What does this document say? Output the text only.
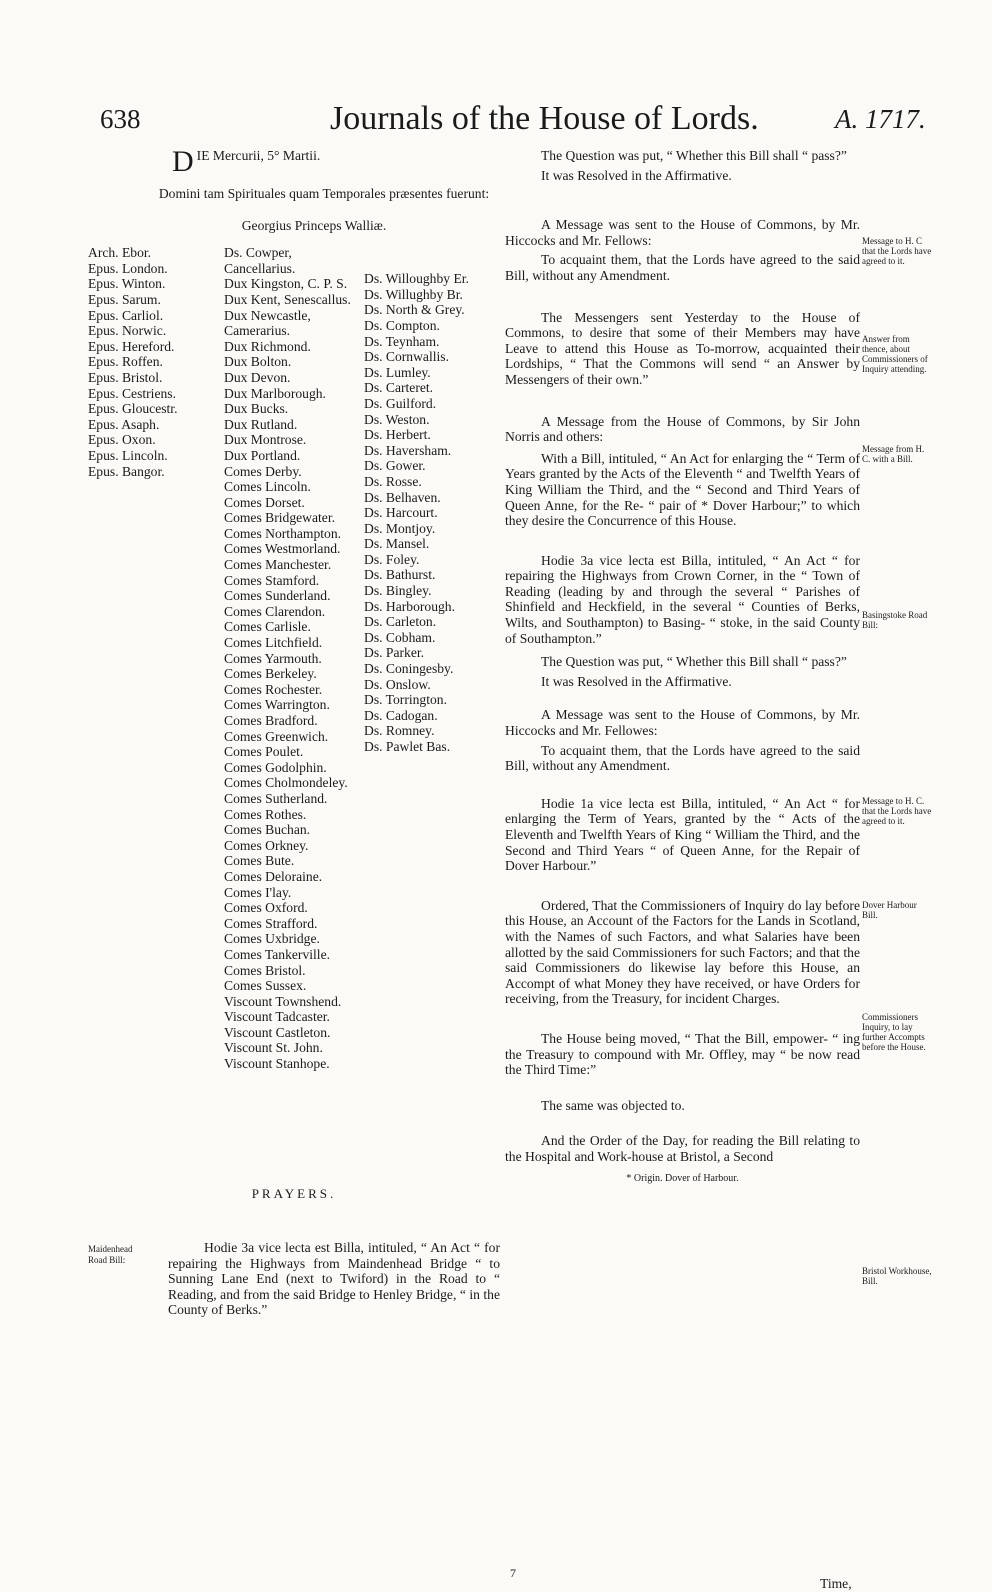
638	Journals of the House of Lords.	A. 1717.
D IE Mercurii, 5° Martii.

Domini tam Spirituales quam Temporales præsentes fuerunt:

Georgius Princeps Walliæ.

Arch. Ebor.
Epus. London.
Epus. Winton.
Epus. Sarum.
Epus. Carliol.
Epus. Norwic.
Epus. Hereford.
Epus. Roffen.
Epus. Bristol.
Epus. Cestriens.
Epus. Gloucestr.
Epus. Asaph.
Epus. Oxon.
Epus. Lincoln.
Epus. Bangor.
Ds. Cowper, Cancellarius.
Dux Kingston, C. P. S.
Dux Kent, Senescallus.
Dux Newcastle, Camerarius.
Dux Richmond.
Dux Bolton.
Dux Devon.
Dux Marlborough.
Dux Bucks.
Dux Rutland.
Dux Montrose.
Dux Portland.
Comes Derby.
Comes Lincoln.
Comes Dorset.
Comes Bridgewater.
Comes Northampton.
Comes Westmorland.
Comes Manchester.
Comes Stamford.
Comes Sunderland.
Comes Clarendon.
Comes Carlisle.
Comes Litchfield.
Comes Yarmouth.
Comes Berkeley.
Comes Rochester.
Comes Warrington.
Comes Bradford.
Comes Greenwich.
Comes Poulet.
Comes Godolphin.
Comes Cholmondeley.
Comes Sutherland.
Comes Rothes.
Comes Buchan.
Comes Orkney.
Comes Bute.
Comes Deloraine.
Comes I'lay.
Comes Oxford.
Comes Strafford.
Comes Uxbridge.
Comes Tankerville.
Comes Bristol.
Comes Sussex.
Viscount Townshend.
Viscount Tadcaster.
Viscount Castleton.
Viscount St. John.
Viscount Stanhope.
Ds. Willoughby Er.
Ds. Willughby Br.
Ds. North & Grey.
Ds. Compton.
Ds. Teynham.
Ds. Cornwallis.
Ds. Lumley.
Ds. Carteret.
Ds. Guilford.
Ds. Weston.
Ds. Herbert.
Ds. Haversham.
Ds. Gower.
Ds. Rosse.
Ds. Belhaven.
Ds. Harcourt.
Ds. Montjoy.
Ds. Mansel.
Ds. Foley.
Ds. Bathurst.
Ds. Bingley.
Ds. Harborough.
Ds. Carleton.
Ds. Cobham.
Ds. Parker.
Ds. Coningesby.
Ds. Onslow.
Ds. Torrington.
Ds. Cadogan.
Ds. Romney.
Ds. Pawlet Bas.
PRAYERS.
Maidenhead Road Bill:

Hodie 3a vice lecta est Billa, intituled, “ An Act “ for repairing the Highways from Maindenhead Bridge “ to Sunning Lane End (next to Twiford) in the Road to “ Reading, and from the said Bridge to Henley Bridge, “ in the County of Berks.”

The Question was put, “ Whether this Bill shall “ pass?”

It was Resolved in the Affirmative.

A Message was sent to the House of Commons, by Mr. Hiccocks and Mr. Fellows:

To acquaint them, that the Lords have agreed to the said Bill, without any Amendment.

The Messengers sent Yesterday to the House of Commons, to desire that some of their Members may have Leave to attend this House as To-morrow, acquainted their Lordships, “ That the Commons will send “ an Answer by Messengers of their own.”

A Message from the House of Commons, by Sir John Norris and others:

With a Bill, intituled, “ An Act for enlarging the “ Term of Years granted by the Acts of the Eleventh “ and Twelfth Years of King William the Third, and the “ Second and Third Years of Queen Anne, for the Re- “ pair of * Dover Harbour;” to which they desire the Concurrence of this House.

Hodie 3a vice lecta est Billa, intituled, “ An Act “ for repairing the Highways from Crown Corner, in the “ Town of Reading (leading by and through the several “ Parishes of Shinfield and Heckfield, in the several “ Counties of Berks, Wilts, and Southampton) to Basing- “ stoke, in the said County of Southampton.”

The Question was put, “ Whether this Bill shall “ pass?”

It was Resolved in the Affirmative.

A Message was sent to the House of Commons, by Mr. Hiccocks and Mr. Fellowes:

To acquaint them, that the Lords have agreed to the said Bill, without any Amendment.

Hodie 1a vice lecta est Billa, intituled, “ An Act “ for enlarging the Term of Years, granted by the “ Acts of the Eleventh and Twelfth Years of King “ William the Third, and the Second and Third Years “ of Queen Anne, for the Repair of Dover Harbour.”

Ordered, That the Commissioners of Inquiry do lay before this House, an Account of the Factors for the Lands in Scotland, with the Names of such Factors, and what Salaries have been allotted by the said Commissioners for such Factors; and that the said Commissioners do likewise lay before this House, an Accompt of what Money they have received, or have Orders for receiving, from the Treasury, for incident Charges.

The House being moved, “ That the Bill, empower- “ ing the Treasury to compound with Mr. Offley, may “ be now read the Third Time:”

The same was objected to.

And the Order of the Day, for reading the Bill relating to the Hospital and Work-house at Bristol, a Second

* Origin. Dover of Harbour.

Message to H. C that the Lords have agreed to it.
Answer from thence, about Commissioners of Inquiry attending.
Message from H. C. with a Bill.
Basingstoke Road Bill:
Message to H. C. that the Lords have agreed to it.
Dover Harbour Bill.
Commissioners Inquiry, to lay further Accompts before the House.
Bristol Workhouse, Bill.
7
Time,
